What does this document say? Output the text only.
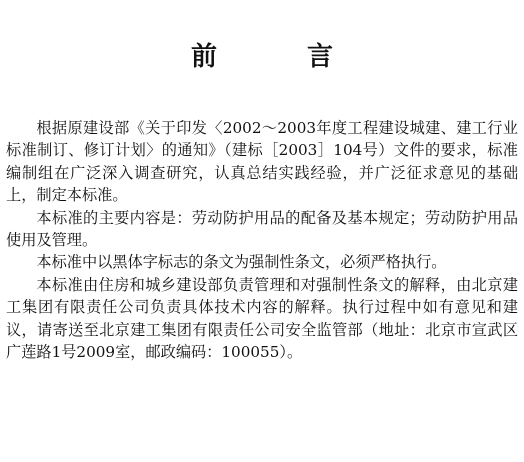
前　言

根据原建设部《关于印发〈2002～2003年度工程建设城建、建工行业标准制订、修订计划〉的通知》（建标［2003］104号）文件的要求，标准编制组在广泛深入调查研究，认真总结实践经验，并广泛征求意见的基础上，制定本标准。

本标准的主要内容是：劳动防护用品的配备及基本规定；劳动防护用品使用及管理。

本标准中以黑体字标志的条文为强制性条文，必须严格执行。

本标准由住房和城乡建设部负责管理和对强制性条文的解释，由北京建工集团有限责任公司负责具体技术内容的解释。执行过程中如有意见和建议，请寄送至北京建工集团有限责任公司安全监管部（地址：北京市宣武区广莲路1号2009室，邮政编码：100055）。
